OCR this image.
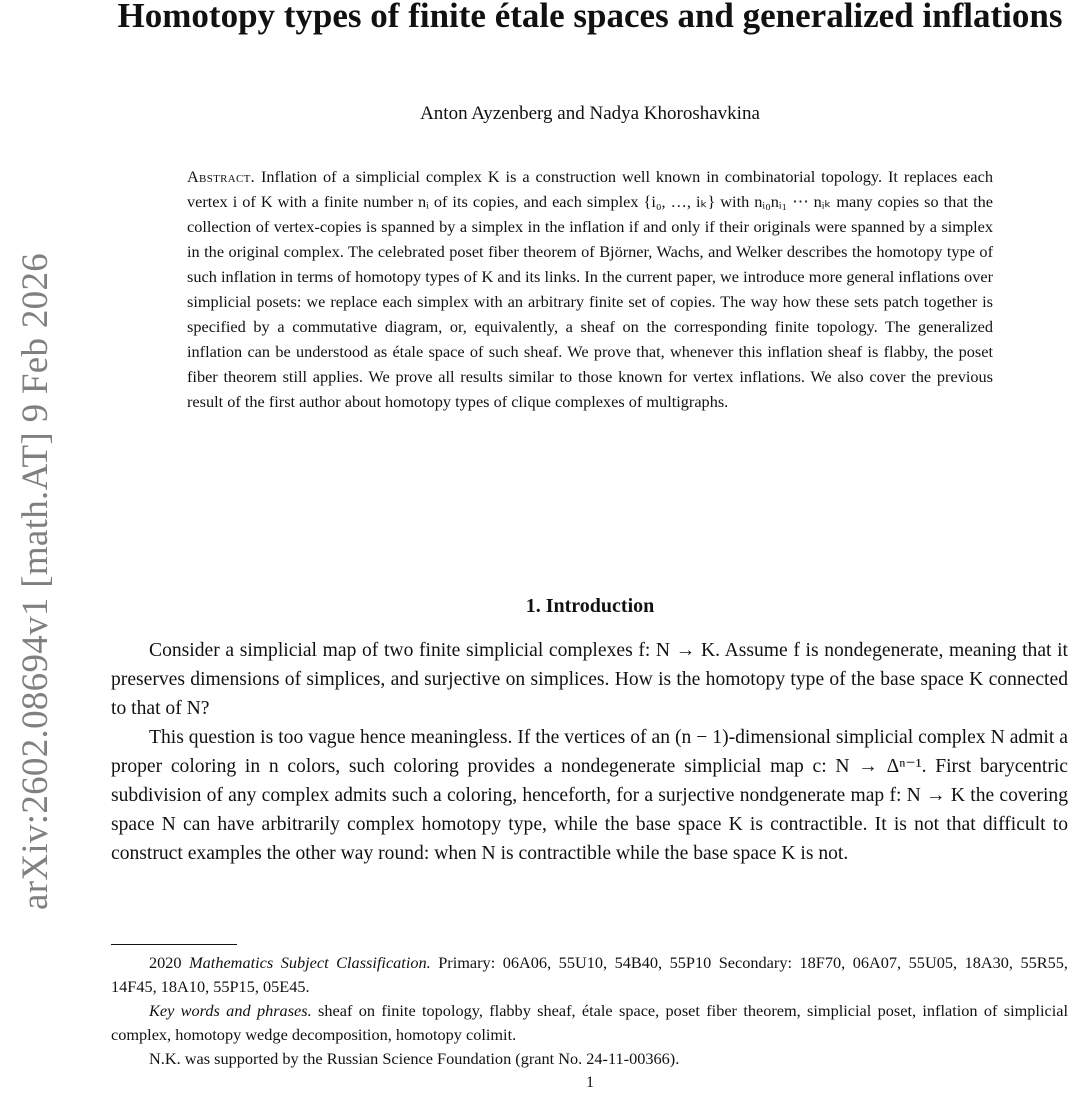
arXiv:2602.08694v1 [math.AT] 9 Feb 2026
Homotopy types of finite étale spaces and generalized inflations
Anton Ayzenberg and Nadya Khoroshavkina

Abstract. Inflation of a simplicial complex K is a construction well known in combinatorial topology. It replaces each vertex i of K with a finite number nᵢ of its copies, and each simplex {i₀, …, iₖ} with nᵢ₀nᵢ₁ ⋯ nᵢₖ many copies so that the collection of vertex-copies is spanned by a simplex in the inflation if and only if their originals were spanned by a simplex in the original complex. The celebrated poset fiber theorem of Björner, Wachs, and Welker describes the homotopy type of such inflation in terms of homotopy types of K and its links. In the current paper, we introduce more general inflations over simplicial posets: we replace each simplex with an arbitrary finite set of copies. The way how these sets patch together is specified by a commutative diagram, or, equivalently, a sheaf on the corresponding finite topology. The generalized inflation can be understood as étale space of such sheaf. We prove that, whenever this inflation sheaf is flabby, the poset fiber theorem still applies. We prove all results similar to those known for vertex inflations. We also cover the previous result of the first author about homotopy types of clique complexes of multigraphs.

1. Introduction

Consider a simplicial map of two finite simplicial complexes f: N → K. Assume f is nondegenerate, meaning that it preserves dimensions of simplices, and surjective on simplices. How is the homotopy type of the base space K connected to that of N?

This question is too vague hence meaningless. If the vertices of an (n − 1)-dimensional simplicial complex N admit a proper coloring in n colors, such coloring provides a nondegenerate simplicial map c: N → Δⁿ⁻¹. First barycentric subdivision of any complex admits such a coloring, henceforth, for a surjective nondgenerate map f: N → K the covering space N can have arbitrarily complex homotopy type, while the base space K is contractible. It is not that difficult to construct examples the other way round: when N is contractible while the base space K is not.

2020 Mathematics Subject Classification. Primary: 06A06, 55U10, 54B40, 55P10 Secondary: 18F70, 06A07, 55U05, 18A30, 55R55, 14F45, 18A10, 55P15, 05E45.

Key words and phrases. sheaf on finite topology, flabby sheaf, étale space, poset fiber theorem, simplicial poset, inflation of simplicial complex, homotopy wedge decomposition, homotopy colimit.

N.K. was supported by the Russian Science Foundation (grant No. 24-11-00366).

1
